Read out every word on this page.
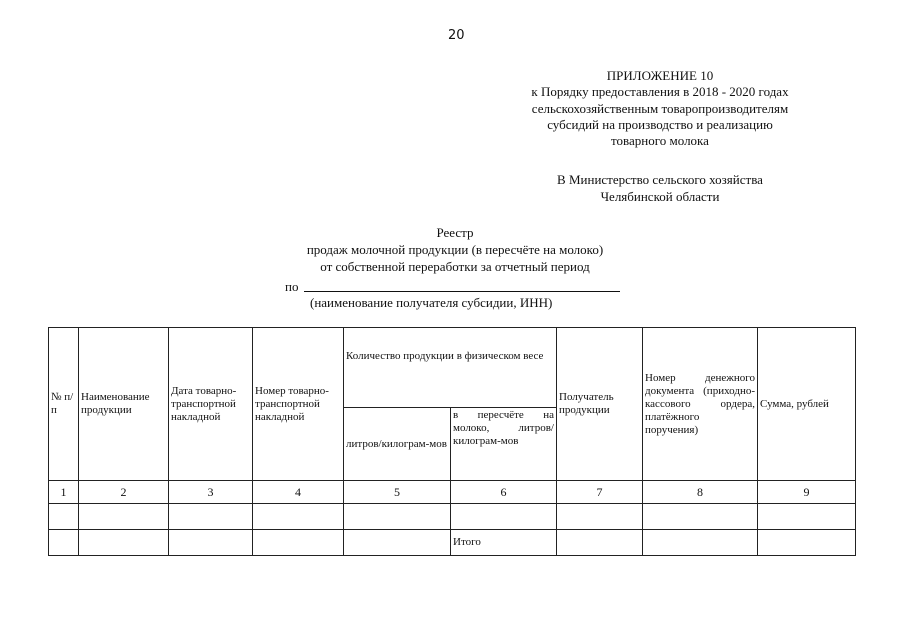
20
ПРИЛОЖЕНИЕ 10
к Порядку предоставления в 2018 - 2020 годах
сельскохозяйственным товаропроизводителям
субсидий на производство и реализацию
товарного молока
В Министерство сельского хозяйства
Челябинской области
Реестр
продаж молочной продукции (в пересчёте на молоко)
от собственной переработки за отчетный период
по
(наименование получателя субсидии, ИНН)
№ п/п	Наименование продукции	Дата товарно-транспортной накладной	Номер товарно-транспортной накладной	Количество продукции в физическом весе		Получатель продукции	Номер денежного документа (приходно-кассового ордера, платёжного поручения)	Сумма, рублей
				литров/килограм-мов	в пересчёте на молоко, литров/килограм-мов			
1	2	3	4	5	6	7	8	9

					Итого			
